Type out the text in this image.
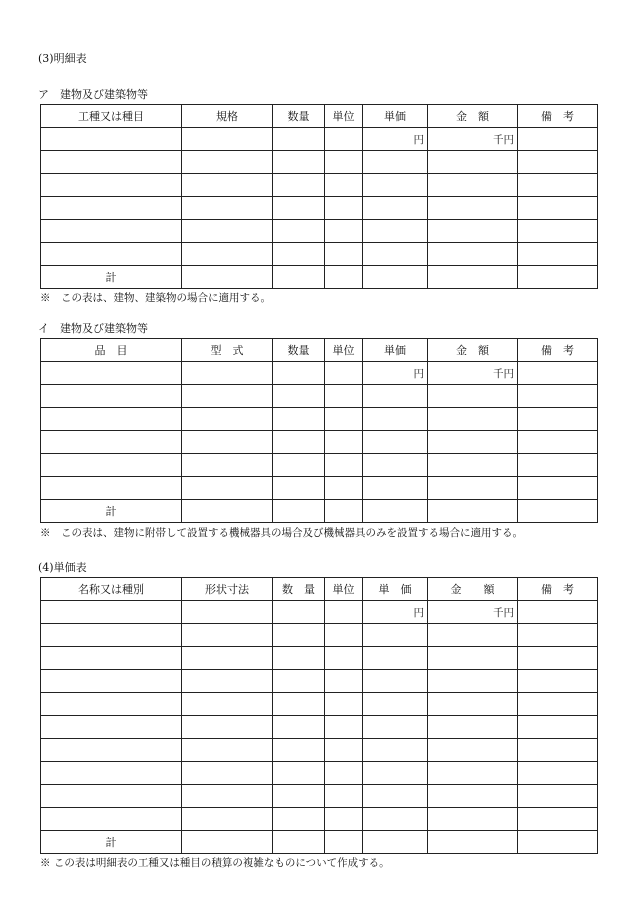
(3)明細表
ア　建物及び建築物等
工種又は種目	規格	数量	単位	単価	金　額	備　考
				円	千円	

計						
※　この表は、建物、建築物の場合に適用する。
イ　建物及び建築物等
品　目	型　式	数量	単位	単価	金　額	備　考
				円	千円	

計						
※　この表は、建物に附帯して設置する機械器具の場合及び機械器具のみを設置する場合に適用する。
(4)単価表
名称又は種別	形状寸法	数　量	単位	単　価	金　　額	備　考
				円	千円	

計						
※ この表は明細表の工種又は種目の積算の複雑なものについて作成する。
